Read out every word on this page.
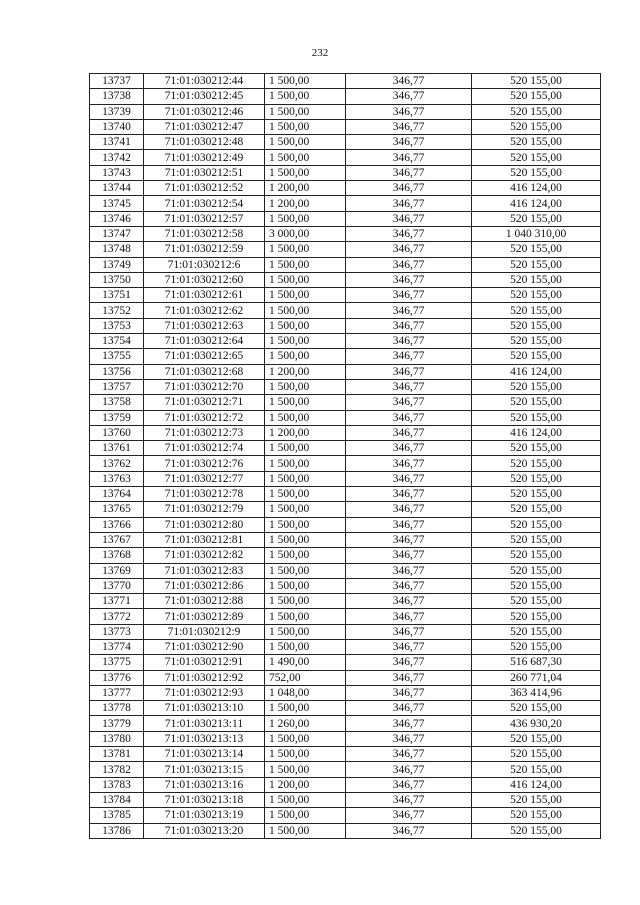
232
13737	71:01:030212:44	1 500,00	346,77	520 155,00
13738	71:01:030212:45	1 500,00	346,77	520 155,00
13739	71:01:030212:46	1 500,00	346,77	520 155,00
13740	71:01:030212:47	1 500,00	346,77	520 155,00
13741	71:01:030212:48	1 500,00	346,77	520 155,00
13742	71:01:030212:49	1 500,00	346,77	520 155,00
13743	71:01:030212:51	1 500,00	346,77	520 155,00
13744	71:01:030212:52	1 200,00	346,77	416 124,00
13745	71:01:030212:54	1 200,00	346,77	416 124,00
13746	71:01:030212:57	1 500,00	346,77	520 155,00
13747	71:01:030212:58	3 000,00	346,77	1 040 310,00
13748	71:01:030212:59	1 500,00	346,77	520 155,00
13749	71:01:030212:6	1 500,00	346,77	520 155,00
13750	71:01:030212:60	1 500,00	346,77	520 155,00
13751	71:01:030212:61	1 500,00	346,77	520 155,00
13752	71:01:030212:62	1 500,00	346,77	520 155,00
13753	71:01:030212:63	1 500,00	346,77	520 155,00
13754	71:01:030212:64	1 500,00	346,77	520 155,00
13755	71:01:030212:65	1 500,00	346,77	520 155,00
13756	71:01:030212:68	1 200,00	346,77	416 124,00
13757	71:01:030212:70	1 500,00	346,77	520 155,00
13758	71:01:030212:71	1 500,00	346,77	520 155,00
13759	71:01:030212:72	1 500,00	346,77	520 155,00
13760	71:01:030212:73	1 200,00	346,77	416 124,00
13761	71:01:030212:74	1 500,00	346,77	520 155,00
13762	71:01:030212:76	1 500,00	346,77	520 155,00
13763	71:01:030212:77	1 500,00	346,77	520 155,00
13764	71:01:030212:78	1 500,00	346,77	520 155,00
13765	71:01:030212:79	1 500,00	346,77	520 155,00
13766	71:01:030212:80	1 500,00	346,77	520 155,00
13767	71:01:030212:81	1 500,00	346,77	520 155,00
13768	71:01:030212:82	1 500,00	346,77	520 155,00
13769	71:01:030212:83	1 500,00	346,77	520 155,00
13770	71:01:030212:86	1 500,00	346,77	520 155,00
13771	71:01:030212:88	1 500,00	346,77	520 155,00
13772	71:01:030212:89	1 500,00	346,77	520 155,00
13773	71:01:030212:9	1 500,00	346,77	520 155,00
13774	71:01:030212:90	1 500,00	346,77	520 155,00
13775	71:01:030212:91	1 490,00	346,77	516 687,30
13776	71:01:030212:92	752,00	346,77	260 771,04
13777	71:01:030212:93	1 048,00	346,77	363 414,96
13778	71:01:030213:10	1 500,00	346,77	520 155,00
13779	71:01:030213:11	1 260,00	346,77	436 930,20
13780	71:01:030213:13	1 500,00	346,77	520 155,00
13781	71:01:030213:14	1 500,00	346,77	520 155,00
13782	71:01:030213:15	1 500,00	346,77	520 155,00
13783	71:01:030213:16	1 200,00	346,77	416 124,00
13784	71:01:030213:18	1 500,00	346,77	520 155,00
13785	71:01:030213:19	1 500,00	346,77	520 155,00
13786	71:01:030213:20	1 500,00	346,77	520 155,00
